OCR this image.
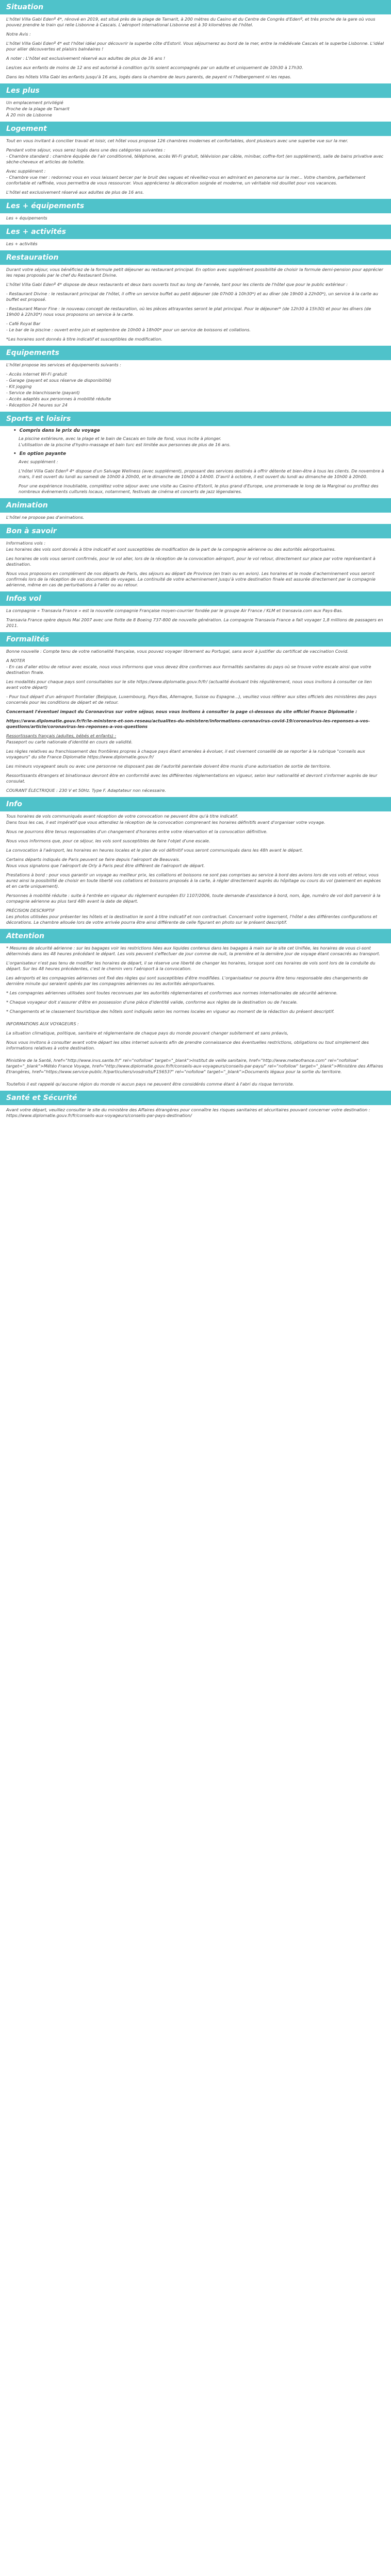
Situation

L'hôtel Villa Gabi Edenº 4*, rénové en 2019, est situé près de la plage de Tamarit, à 200 mètres du Casino et du Centre de Congrès d'Edenº, et très proche de la gare où vous pouvez prendre le train qui relie Lisbonne à Cascais. L'aéroport international Lisbonne est à 30 kilomètres de l'hôtel.

Notre Avis :

L'hôtel Villa Gabi Edenº 4* est l'hôtel idéal pour découvrir la superbe côte d'Estoril. Vous séjournerez au bord de la mer, entre la médiévale Cascais et la superbe Lisbonne. L'idéal pour allier découvertes et plaisirs balnéaires !

A noter : L'hôtel est exclusivement réservé aux adultes de plus de 16 ans !

Les/ces aux enfants de moins de 12 ans est autorisé à condition qu'ils soient accompagnés par un adulte et uniquement de 10h30 à 17h30.

Dans les hôtels Villa Gabi les enfants jusqu'à 16 ans, logés dans la chambre de leurs parents, de payent ni l'hébergement ni les repas.

Les plus

Un emplacement privilégié

Proche de la plage de Tamarit

À 20 min de Lisbonne

Logement

Tout en vous invitant à concilier travail et loisir, cet hôtel vous propose 126 chambres modernes et confortables, dont plusieurs avec une superbe vue sur la mer.

Pendant votre séjour, vous serez logés dans une des catégories suivantes :

- Chambre standard : chambre équipée de l'air conditionné, téléphone, accès Wi-Fi gratuit, télévision par câble, minibar, coffre-fort (en supplément), salle de bains privative avec sèche-cheveux et articles de toilette.

Avec supplément :

- Chambre vue mer : redonnez vous en vous laissant bercer par le bruit des vagues et réveillez-vous en admirant en panorama sur la mer... Votre chambre, parfaitement confortable et raffinée, vous permettra de vous ressourcer. Vous apprécierez la décoration soignée et moderne, un véritable nid douillet pour vos vacances.

L'hôtel est exclusivement réservé aux adultes de plus de 16 ans.

Les + équipements

Les + équipements

Les + activités

Les + activités

Restauration

Durant votre séjour, vous bénéficiez de la formule petit déjeuner au restaurant principal. En option avec supplément possibilité de choisir la formule demi-pension pour apprécier les repas proposés par le chef du Restaurant Divine.

L'hôtel Villa Gabi Edenº 4* dispose de deux restaurants et deux bars ouverts tout au long de l'année, tant pour les clients de l'hôtel que pour le public extérieur :

- Restaurant Divine : le restaurant principal de l'hôtel, il offre un service buffet au petit déjeuner (de 07h00 à 10h30*) et au dîner (de 19h00 à 22h00*), un service à la carte au buffet est proposé.

- Restaurant Manor Fine : le nouveau concept de restauration, où les pièces attrayantes seront le plat principal. Pour le déjeuner* (de 12h30 à 15h30) et pour les dîners (de 19h00 à 22h30*) nous vous proposons un service à la carte.

- Café Royal Bar

- Le bar de la piscine : ouvert entre juin et septembre de 10h00 à 18h00* pour un service de boissons et collations.

*Les horaires sont donnés à titre indicatif et susceptibles de modification.

Equipements

L'hôtel propose les services et équipements suivants :

- Accès internet Wi-Fi gratuit

- Garage (payant et sous réserve de disponibilité)

- Kit jogging

- Service de blanchisserie (payant)

- Accès adaptés aux personnes à mobilité réduite

- Réception 24 heures sur 24

Sports et loisirs
• Compris dans le prix du voyage

La piscine extérieure, avec la plage et le bain de Cascais en toile de fond, vous incite à plonger.

L'utilisation de la piscine d'hydro-massage et bain turc est limitée aux personnes de plus de 16 ans.

• En option payante

Avec supplément :

L'hôtel Villa Gabi Edenº 4* dispose d'un Salvage Wellness (avec supplément), proposant des services destinés à offrir détente et bien-être à tous les clients. De novembre à mars, il est ouvert du lundi au samedi de 10h00 à 20h00, et le dimanche de 10h00 à 14h00. D'avril à octobre, il est ouvert du lundi au dimanche de 10h00 à 20h00.

Pour une expérience inoubliable, complétez votre séjour avec une visite au Casino d'Estoril, le plus grand d'Europe, une promenade le long de la Marginal ou profitez des nombreux événements culturels locaux, notamment, festivals de cinéma et concerts de jazz légendaires.

Animation

L'hôtel ne propose pas d'animations.

Bon à savoir

Informations vols :

Les horaires des vols sont donnés à titre indicatif et sont susceptibles de modification de la part de la compagnie aérienne ou des autorités aéroportuaires.

Les horaires de vols vous seront confirmés, pour le vol aller, lors de la réception de la convocation aéroport, pour le vol retour, directement sur place par votre représentant à destination.

Nous vous proposons en complément de nos départs de Paris, des séjours au départ de Province (en train ou en avion). Les horaires et le mode d'acheminement vous seront confirmés lors de la réception de vos documents de voyages. La continuité de votre acheminement jusqu'à votre destination finale est assurée directement par la compagnie aérienne, même en cas de perturbations à l'aller ou au retour.

Infos vol

La compagnie « Transavia France » est la nouvelle compagnie Française moyen-courrier fondée par le groupe Air France / KLM et transavia.com aux Pays-Bas.

Transavia France opère depuis Mai 2007 avec une flotte de 8 Boeing 737-800 de nouvelle génération. La compagnie Transavia France a fait voyager 1,8 millions de passagers en 2011.

Formalités

Bonne nouvelle : Compte tenu de votre nationalité française, vous pouvez voyager librement au Portugal, sans avoir à justifier du certificat de vaccination Covid.

A NOTER

- En cas d'aller et/ou de retour avec escale, nous vous informons que vous devez être conformes aux formalités sanitaires du pays où se trouve votre escale ainsi que votre destination finale.

Les modalités pour chaque pays sont consultables sur le site https://www.diplomatie.gouv.fr/fr/ (actualité évoluant très régulièrement, nous vous invitons à consulter ce lien avant votre départ)

- Pour tout départ d'un aéroport frontalier (Belgique, Luxembourg, Pays-Bas, Allemagne, Suisse ou Espagne...), veuillez vous référer aux sites officiels des ministères des pays concernés pour les conditions de départ et de retour.

Concernant l'éventuel impact du Coronavirus sur votre séjour, nous vous invitons à consulter la page ci-dessous du site officiel France Diplomatie :

https://www.diplomatie.gouv.fr/fr/le-ministere-et-son-reseau/actualites-du-ministere/informations-coronavirus-covid-19/coronavirus-les-reponses-a-vos-questions/article/coronavirus-les-reponses-a-vos-questions

Ressortissants français (adultes, bébés et enfants) :

Passeport ou carte nationale d'identité en cours de validité.

Les règles relatives au franchissement des frontières propres à chaque pays étant amenées à évoluer, il est vivement conseillé de se reporter à la rubrique "conseils aux voyageurs" du site France Diplomatie https://www.diplomatie.gouv.fr/

Les mineurs voyageant seuls ou avec une personne ne disposant pas de l'autorité parentale doivent être munis d'une autorisation de sortie de territoire.

Ressortissants étrangers et binationaux devront être en conformité avec les différentes réglementations en vigueur, selon leur nationalité et devront s'informer auprès de leur consulat.

COURANT ÉLECTRIQUE : 230 V et 50Hz. Type F. Adaptateur non nécessaire.

Info

Tous horaires de vols communiqués avant réception de votre convocation ne peuvent être qu'à titre indicatif.

Dans tous les cas, il est impératif que vous attendiez la réception de la convocation comprenant les horaires définitifs avant d'organiser votre voyage.

Nous ne pourrons être tenus responsables d'un changement d'horaires entre votre réservation et la convocation définitive.

Nous vous informons que, pour ce séjour, les vols sont susceptibles de faire l'objet d'une escale.

La convocation à l'aéroport, les horaires en heures locales et le plan de vol définitif vous seront communiqués dans les 48h avant le départ.

Certains départs indiqués de Paris peuvent se faire depuis l'aéroport de Beauvais.

Nous vous signalons que l'aéroport de Orly à Paris peut être différent de l'aéroport de départ.

Prestations à bord : pour vous garantir un voyage au meilleur prix, les collations et boissons ne sont pas comprises au service à bord des avions lors de vos vols et retour, vous aurez ainsi la possibilité de choisir en toute liberté vos collations et boissons proposés à la carte, à régler directement auprès du hôpitage ou cours du vol (paiement en espèces et en carte uniquement).

Personnes à mobilité réduite : suite à l'entrée en vigueur du règlement européen EU 1107/2006, toute demande d'assistance à bord, nom, âge, numéro de vol doit parvenir à la compagnie aérienne au plus tard 48h avant la date de départ.

PRÉCISION DESCRIPTIF

Les photos utilisées pour présenter les hôtels et la destination le sont à titre indicatif et non contractuel. Concernant votre logement, l'hôtel a des différentes configurations et décorations. La chambre allouée lors de votre arrivée pourra être ainsi différente de celle figurant en photo sur le présent descriptif.

Attention

* Mesures de sécurité aérienne : sur les bagages voir les restrictions liées aux liquides contenus dans les bagages à main sur le site cet Unifiée, les horaires de vous ci-sont déterminés dans les 48 heures précédant le départ. Les vols peuvent s'effectuer de jour comme de nuit, la première et la dernière jour de voyage étant consacrés au transport.

L'organisateur n'est pas tenu de modifier les horaires de départ, il se réserve une liberté de changer les horaires, lorsque sont ces horaires de vols sont lors de la conduite du départ. Sur les 48 heures précédentes, c'est le chemin vers l'aéroport à la convocation.

Les aéroports et les compagnies aériennes ont fixé des règles qui sont susceptibles d'être modifiées. L'organisateur ne pourra être tenu responsable des changements de dernière minute qui seraient opérés par les compagnies aériennes ou les autorités aéroportuaires.

* Les compagnies aériennes utilisées sont toutes reconnues par les autorités réglementaires et conformes aux normes internationales de sécurité aérienne.

* Chaque voyageur doit s'assurer d'être en possession d'une pièce d'identité valide, conforme aux règles de la destination ou de l'escale.

* Changements et le classement touristique des hôtels sont indiqués selon les normes locales en vigueur au moment de la rédaction du présent descriptif.

INFORMATIONS AUX VOYAGEURS :

La situation climatique, politique, sanitaire et réglementaire de chaque pays du monde pouvant changer subitement et sans préavis,

Nous vous invitons à consulter avant votre départ les sites internet suivants afin de prendre connaissance des éventuelles restrictions, obligations ou tout simplement des informations relatives à votre destination.

Ministère de la Santé, href="http://www.invs.sante.fr/" rel="nofollow" target="_blank">Institut de veille sanitaire, href="http://www.meteofrance.com" rel="nofollow" target="_blank">Météo France Voyage, href="http://www.diplomatie.gouv.fr/fr/conseils-aux-voyageurs/conseils-par-pays/" rel="nofollow" target="_blank">Ministère des Affaires Etrangères, href="https://www.service-public.fr/particuliers/vosdroits/F15653?" rel="nofollow" target="_blank">Documents légaux pour la sortie du territoire.

Toutefois il est rappelé qu'aucune région du monde ni aucun pays ne peuvent être considérés comme étant à l'abri du risque terroriste.

Santé et Sécurité

Avant votre départ, veuillez consulter le site du ministère des Affaires étrangères pour connaître les risques sanitaires et sécuritaires pouvant concerner votre destination : https://www.diplomatie.gouv.fr/fr/conseils-aux-voyageurs/conseils-par-pays-destination/
